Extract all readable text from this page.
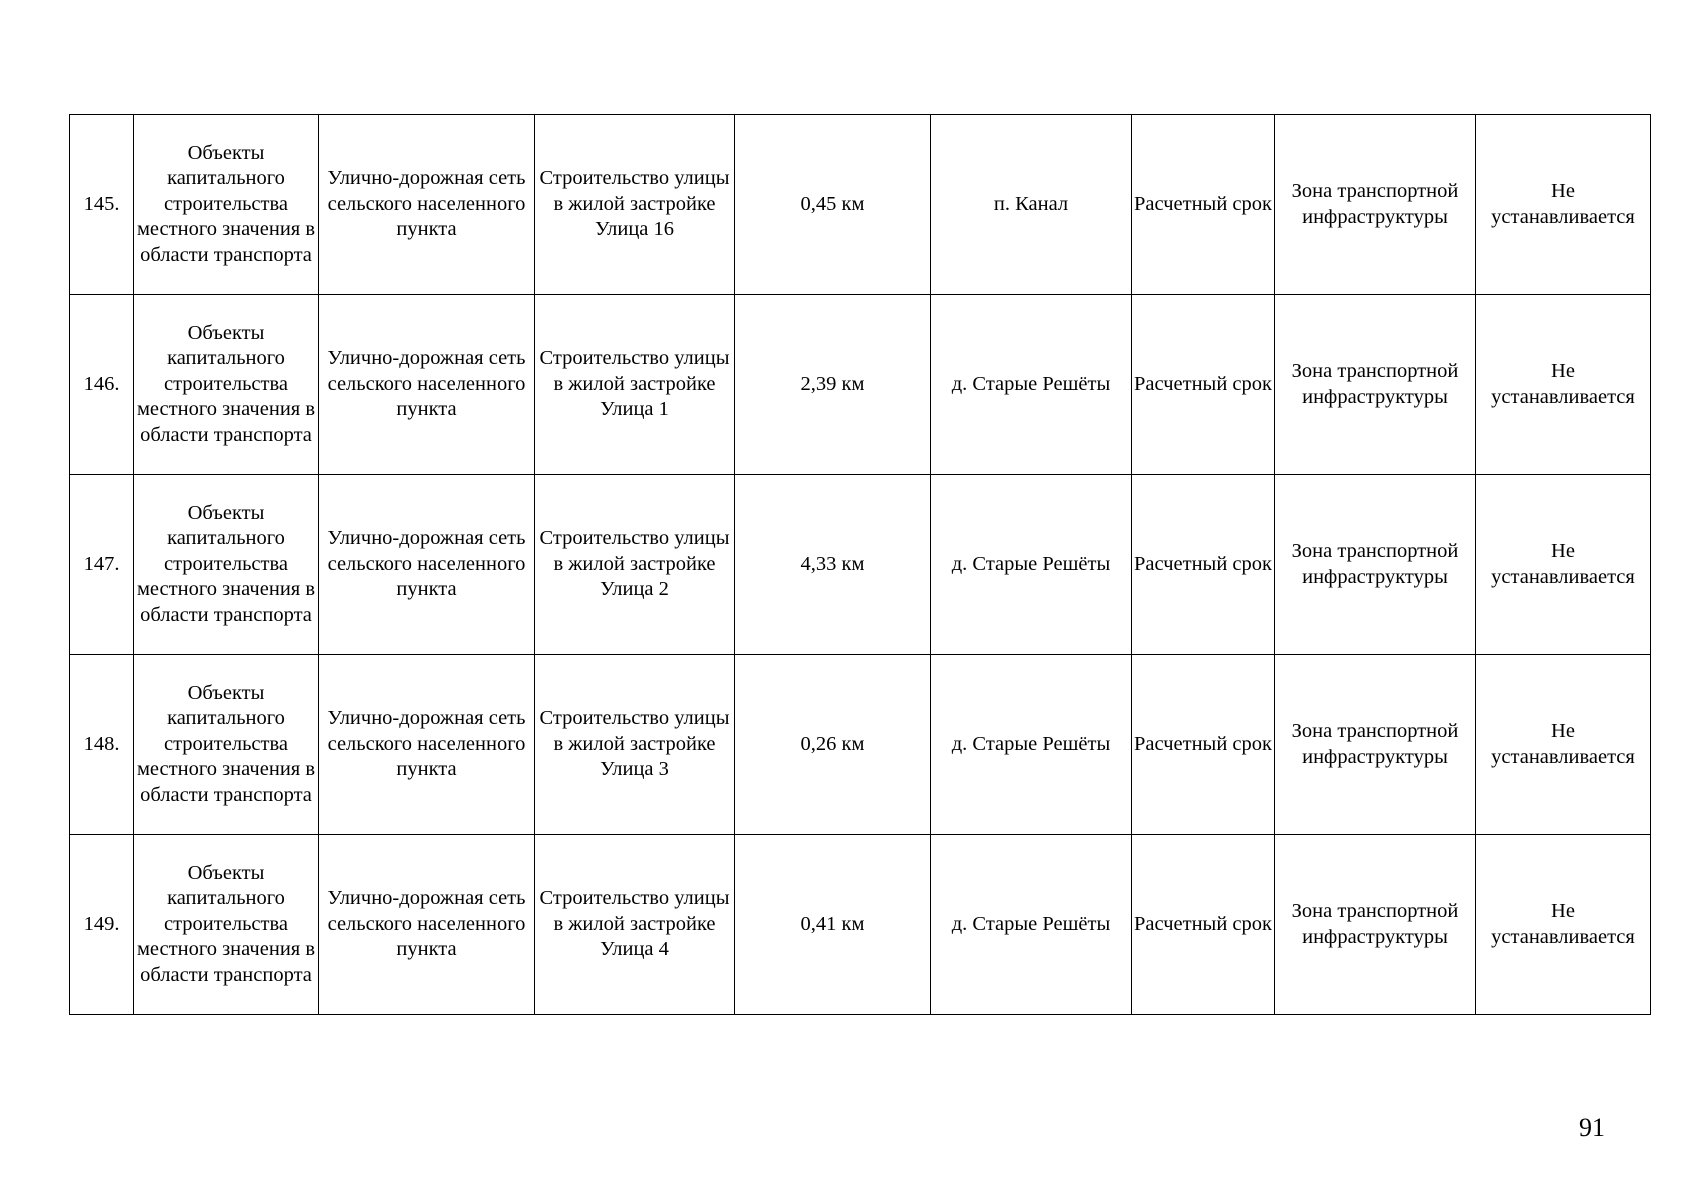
145.	Объекты капитального строительства местного значения в области транспорта	Улично-дорожная сеть сельского населенного пункта	Строительство улицы в жилой застройке Улица 16	0,45 км	п. Канал	Расчетный срок	Зона транспортной инфраструктуры	Не устанавливается
146.	Объекты капитального строительства местного значения в области транспорта	Улично-дорожная сеть сельского населенного пункта	Строительство улицы в жилой застройке Улица 1	2,39 км	д. Старые Решёты	Расчетный срок	Зона транспортной инфраструктуры	Не устанавливается
147.	Объекты капитального строительства местного значения в области транспорта	Улично-дорожная сеть сельского населенного пункта	Строительство улицы в жилой застройке Улица 2	4,33 км	д. Старые Решёты	Расчетный срок	Зона транспортной инфраструктуры	Не устанавливается
148.	Объекты капитального строительства местного значения в области транспорта	Улично-дорожная сеть сельского населенного пункта	Строительство улицы в жилой застройке Улица 3	0,26 км	д. Старые Решёты	Расчетный срок	Зона транспортной инфраструктуры	Не устанавливается
149.	Объекты капитального строительства местного значения в области транспорта	Улично-дорожная сеть сельского населенного пункта	Строительство улицы в жилой застройке Улица 4	0,41 км	д. Старые Решёты	Расчетный срок	Зона транспортной инфраструктуры	Не устанавливается
91
